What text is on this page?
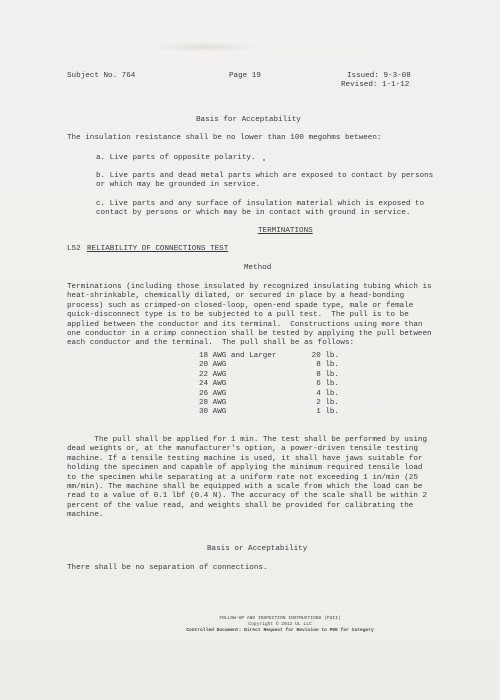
Subject No. 764	Page 19	Issued: 9-3-08
Revised: 1-1-12
Basis for Acceptability
The insulation resistance shall be no lower than 100 megohms between:
a. Live parts of opposite polarity.
b. Live parts and dead metal parts which are exposed to contact by persons
or which may be grounded in service.
c. Live parts and any surface of insulation material which is exposed to
contact by persons or which may be in contact with ground in service.
TERMINATIONS
L52 RELIABILITY OF CONNECTIONS TEST
Method
Terminations (including those insulated by recognized insulating tubing which is
heat-shrinkable, chemically dilated, or secured in place by a head-bonding
process) such as crimped-on closed-loop, open-end spade type, male or female
quick-disconnect type is to be subjected to a pull test.  The pull is to be
applied between the conductor and its terminal.  Constructions using more than
one conductor in a crimp connection shall be tested by applying the pull between
each conductor and the terminal.  The pull shall be as follows:
18 AWG and Larger	20 lb.
20 AWG	8 lb.
22 AWG	8 lb.
24 AWG	6 lb.
26 AWG	4 lb.
28 AWG	2 lb.
30 AWG	1 lb.
The pull shall be applied for 1 min. The test shall be performed by using
dead weights or, at the manufacturer's option, a power-driven tensile testing
machine. If a tensile testing machine is used, it shall have jaws suitable for
holding the specimen and capable of applying the minimum required tensile load
to the specimen while separating at a uniform rate not exceeding 1 in/min (25
mm/min). The machine shall be equipped with a scale from which the load can be
read to a value of 0.1 lbf (0.4 N). The accuracy of the scale shall be within 2
percent of the value read, and weights shall be provided for calibrating the
machine.
Basis or Acceptability
There shall be no separation of connections.
FOLLOW-UP AND INSPECTION INSTRUCTIONS (FUII)
Copyright © 2012 UL LLC
Controlled Document: Direct Request for Revision to PDE for Category
